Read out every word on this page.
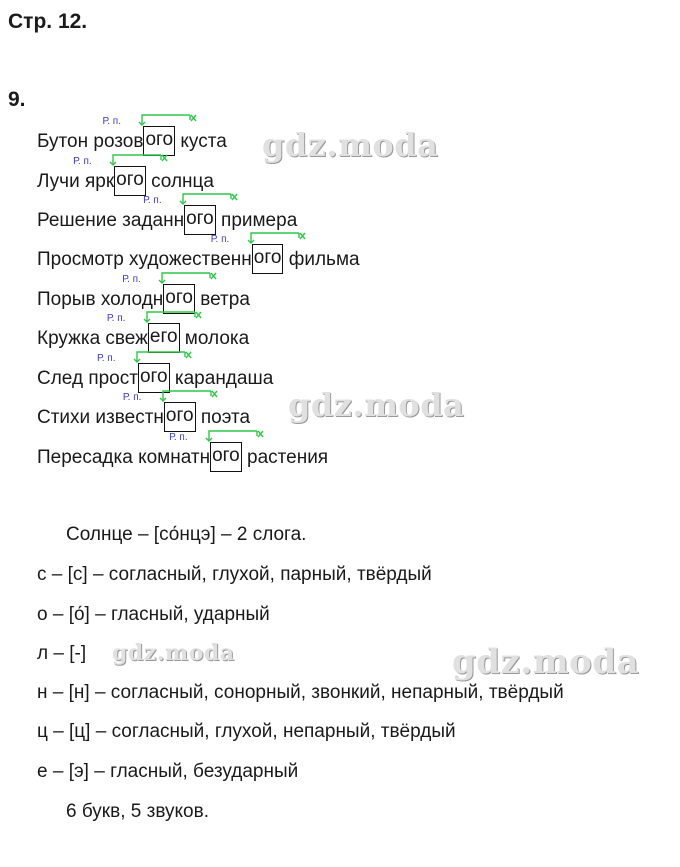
Стр. 12.
9.
Бутон розов
Р. п.
ого куста
Лучи ярк
Р. п.
ого солнца
Решение заданн
Р. п.
ого примера
Просмотр художественн
Р. п.
ого фильма
Порыв холодн
Р. п.
ого ветра
Кружка свеж
Р. п.
его молока
След прост
Р. п.
ого карандаша
Стихи известн
Р. п.
ого поэта
Пересадка комнатн
Р. п.
ого растения
Солнце – [со́нцэ] – 2 слога.
с – [с] – согласный, глухой, парный, твёрдый
о – [о́] – гласный, ударный
л – [-]
н – [н] – согласный, сонорный, звонкий, непарный, твёрдый
ц – [ц] – согласный, глухой, непарный, твёрдый
е – [э] – гласный, безударный
6 букв, 5 звуков.
gdz.moda
gdz.moda
gdz.moda	gdz.moda
